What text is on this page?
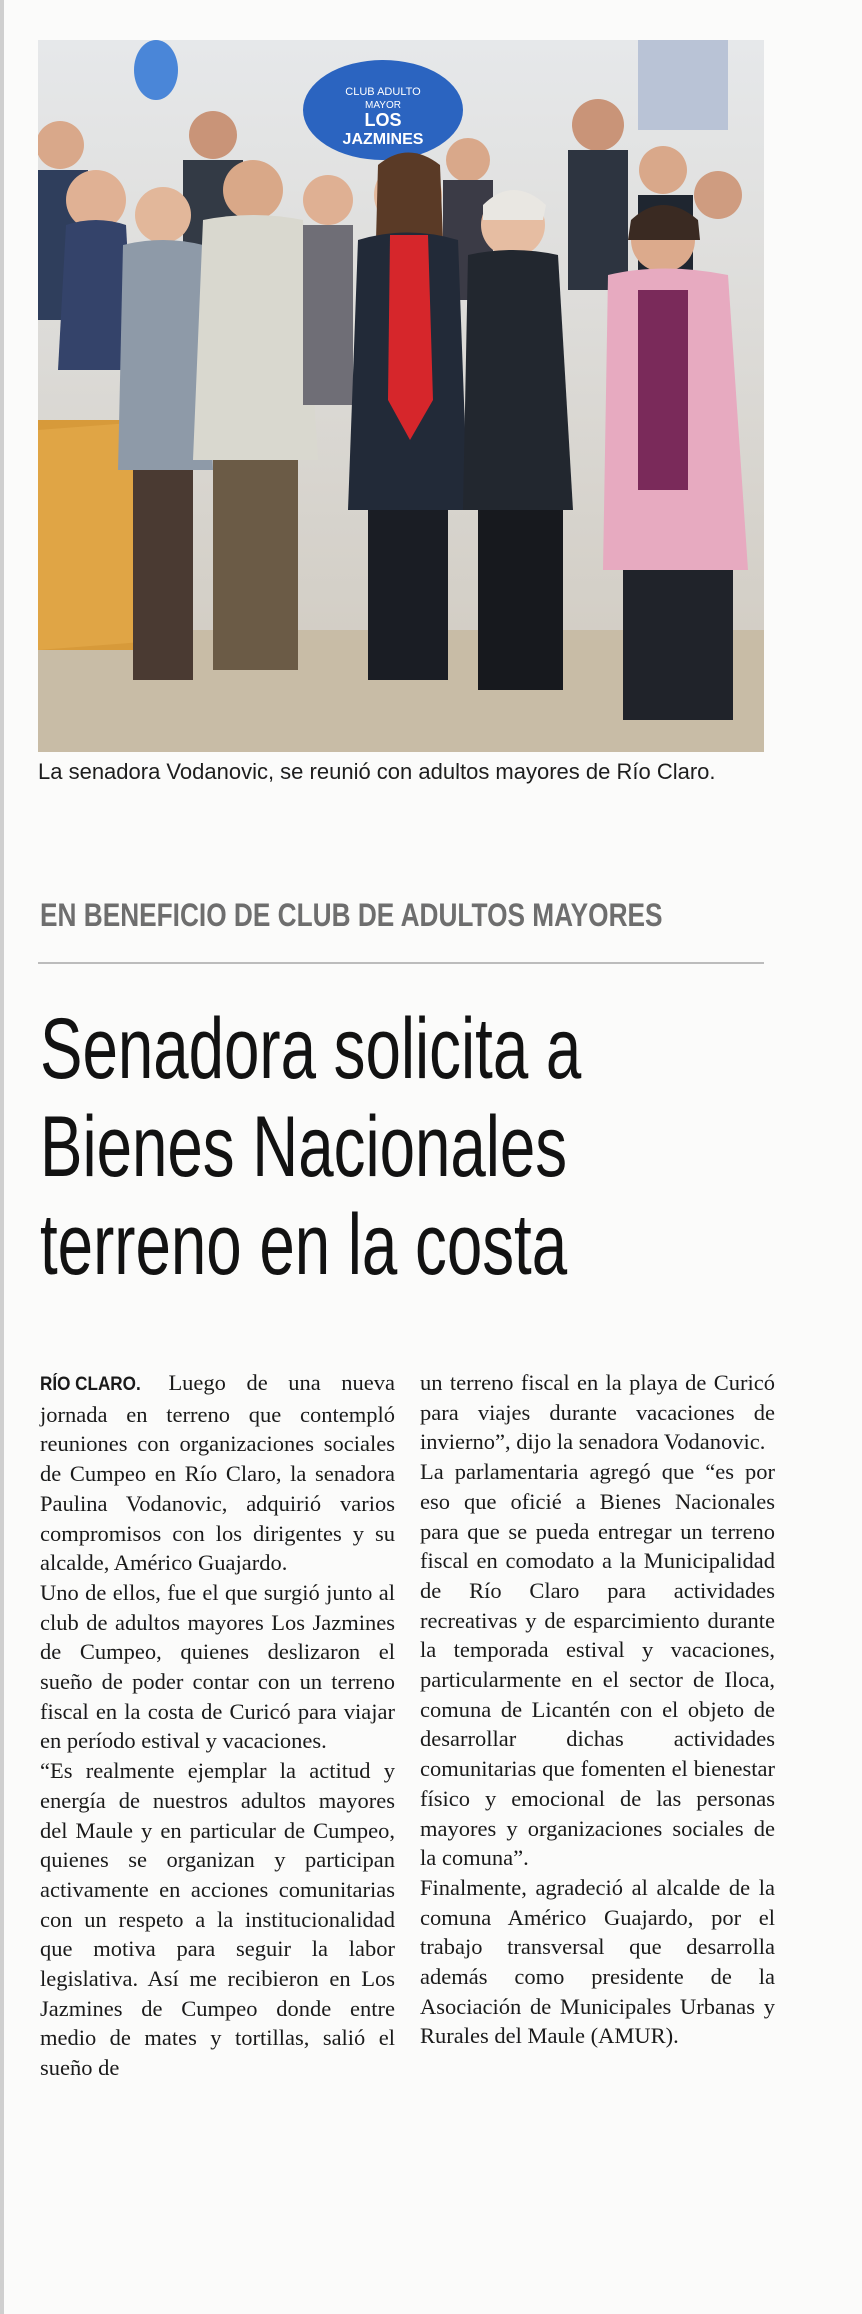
CLUB ADULTO
MAYOR
LOS
JAZMINES
La senadora Vodanovic, se reunió con adultos mayores de Río Claro.
EN BENEFICIO DE CLUB DE ADULTOS MAYORES
Senadora solicita a
Bienes Nacionales
terreno en la costa

RÍO CLARO. Luego de una nueva jornada en terreno que contempló reuniones con organizaciones sociales de Cumpeo en Río Claro, la senadora Paulina Vodanovic, adquirió varios compromisos con los dirigentes y su alcalde, Américo Guajardo.

Uno de ellos, fue el que surgió junto al club de adultos mayores Los Jazmines de Cumpeo, quienes deslizaron el sueño de poder contar con un terreno fiscal en la costa de Curicó para viajar en período estival y vacaciones.

“Es realmente ejemplar la actitud y energía de nuestros adultos mayores del Maule y en particular de Cumpeo, quienes se organizan y participan activamente en acciones comunitarias con un respeto a la institucionalidad que motiva para seguir la labor legislativa. Así me recibieron en Los Jazmines de Cumpeo donde entre medio de mates y tortillas, salió el sueño de

un terreno fiscal en la playa de Curicó para viajes durante vacaciones de invierno”, dijo la senadora Vodanovic.

La parlamentaria agregó que “es por eso que oficié a Bienes Nacionales para que se pueda entregar un terreno fiscal en comodato a la Municipalidad de Río Claro para actividades recreativas y de esparcimiento durante la temporada estival y vacaciones, particularmente en el sector de Iloca, comuna de Licantén con el objeto de desarrollar dichas actividades comunitarias que fomenten el bienestar físico y emocional de las personas mayores y organizaciones sociales de la comuna”.

Finalmente, agradeció al alcalde de la comuna Américo Guajardo, por el trabajo transversal que desarrolla además como presidente de la Asociación de Municipales Urbanas y Rurales del Maule (AMUR).
